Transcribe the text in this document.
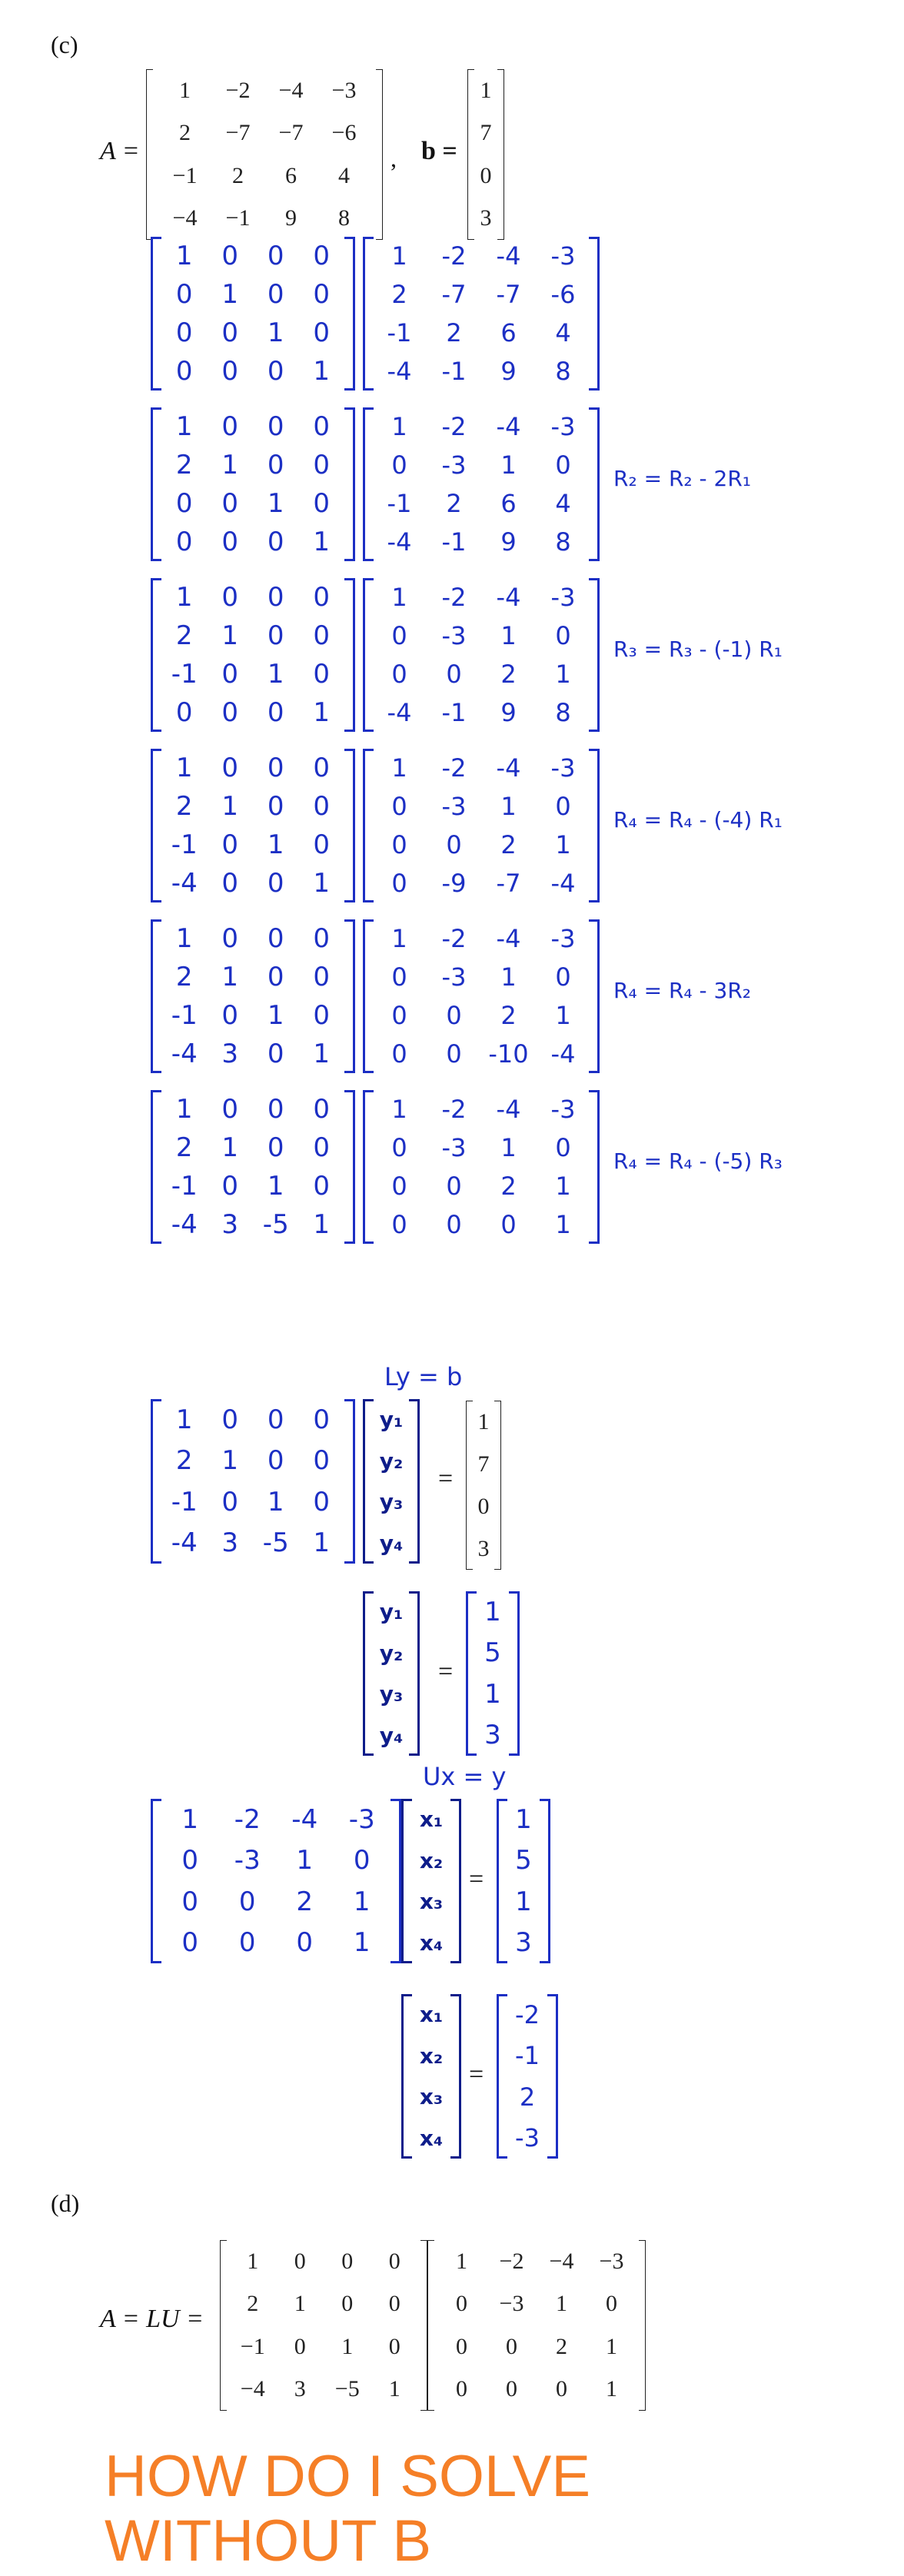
(c)
A =
1 −2 −4 −3
2 −7 −7 −6
−1 2 6 4
−4 −1 9 8
, b =
1
7
0
3
1 0 0 0
0 1 0 0
0 0 1 0
0 0 0 1
1 -2 -4 -3
2 -7 -7 -6
-1 2 6 4
-4 -1 9 8
1 0 0 0
2 1 0 0
0 0 1 0
0 0 0 1
1 -2 -4 -3
0 -3 1 0
-1 2 6 4
-4 -1 9 8
R₂ = R₂ - 2R₁
1 0 0 0
2 1 0 0
-1 0 1 0
0 0 0 1
1 -2 -4 -3
0 -3 1 0
0 0 2 1
-4 -1 9 8
R₃ = R₃ - (-1) R₁
1 0 0 0
2 1 0 0
-1 0 1 0
-4 0 0 1
1 -2 -4 -3
0 -3 1 0
0 0 2 1
0 -9 -7 -4
R₄ = R₄ - (-4) R₁
1 0 0 0
2 1 0 0
-1 0 1 0
-4 3 0 1
1 -2 -4 -3
0 -3 1 0
0 0 2 1
0 0 -10 -4
R₄ = R₄ - 3R₂
1 0 0 0
2 1 0 0
-1 0 1 0
-4 3 -5 1
1 -2 -4 -3
0 -3 1 0
0 0 2 1
0 0 0 1
R₄ = R₄ - (-5) R₃
Ly = b
1 0 0 0
2 1 0 0
-1 0 1 0
-4 3 -5 1
y₁
y₂
y₃
y₄
=
1
7
0
3
y₁
y₂
y₃
y₄
=
1
5
1
3
Ux = y
1 -2 -4 -3
0 -3 1 0
0 0 2 1
0 0 0 1
x₁
x₂
x₃
x₄
=
1
5
1
3
x₁
x₂
x₃
x₄
=
-2
-1
2
-3
(d)
A = LU =
1 0 0 0
2 1 0 0
−1 0 1 0
−4 3 −5 1
1 −2 −4 −3
0 −3 1 0
0 0 2 1
0 0 0 1
HOW DO I SOLVE
WITHOUT B
